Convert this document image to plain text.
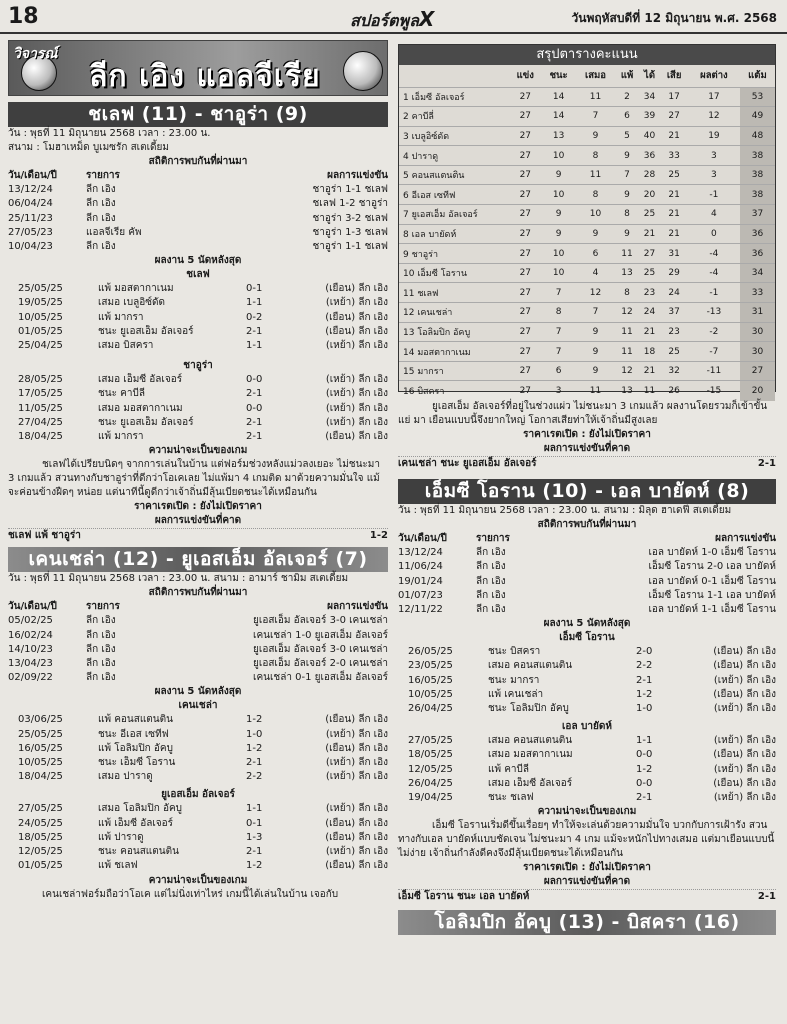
18	สปอร์ตพูลX	วันพฤหัสบดีที่ 12 มิถุนายน พ.ศ. 2568
วิจารณ์
ลีก เอิง แอลจีเรีย
ชเลฟ (11) - ชาอูร่า (9)
วัน : พุธที่ 11 มิถุนายน 2568 เวลา : 23.00 น.
สนาม : โมฮาเหม็ด บูเมซรัก สเตเดี้ยม
สถิติการพบกันที่ผ่านมา
วัน/เดือน/ปี	รายการ	ผลการแข่งขัน
13/12/24	ลีก เอิง	ชาอูร่า 1-1 ชเลฟ
06/04/24	ลีก เอิง	ชเลฟ 1-2 ชาอูร่า
25/11/23	ลีก เอิง	ชาอูร่า 3-2 ชเลฟ
27/05/23	แอลจีเรีย คัพ	ชาอูร่า 1-3 ชเลฟ
10/04/23	ลีก เอิง	ชาอูร่า 1-1 ชเลฟ
ผลงาน 5 นัดหลังสุด
ชเลฟ
25/05/25	แพ้ มอสตากาเนม	0-1	(เยือน) ลีก เอิง
19/05/25	เสมอ เบลูอิซ์ดัด	1-1	(เหย้า) ลีก เอิง
10/05/25	แพ้ มากรา	0-2	(เยือน) ลีก เอิง
01/05/25	ชนะ ยูเอสเอ็ม อัลเจอร์	2-1	(เยือน) ลีก เอิง
25/04/25	เสมอ บิสครา	1-1	(เหย้า) ลีก เอิง
ชาอูร่า
28/05/25	เสมอ เอ็มซี อัลเจอร์	0-0	(เหย้า) ลีก เอิง
17/05/25	ชนะ คาบีลี่	2-1	(เหย้า) ลีก เอิง
11/05/25	เสมอ มอสตากาเนม	0-0	(เหย้า) ลีก เอิง
27/04/25	ชนะ ยูเอสเอ็ม อัลเจอร์	2-1	(เหย้า) ลีก เอิง
18/04/25	แพ้ มากรา	2-1	(เยือน) ลีก เอิง
ความน่าจะเป็นของเกม
ชเลฟได้เปรียบนิดๆ จากการเล่นในบ้าน แต่ฟอร์มช่วงหลังแม่วลงเยอะ ไม่ชนะมา 3 เกมแล้ว สวนทางกับชาอูร่าที่ดีกว่าโอเคเลย ไม่แพ้มา 4 เกมติด มาด้วยความมั่นใจ แม้จะค่อนข้างฝืดๆ หน่อย แต่นาทีนี้ดูดีกว่าเจ้าถิ่นมีลุ้นเบียดชนะได้เหมือนกัน
ราคาเรตเปิด : ยังไม่เปิดราคา
ผลการแข่งขันที่คาด
ชเลฟ แพ้ ชาอูร่า	1-2
เคนเชล่า (12) - ยูเอสเอ็ม อัลเจอร์ (7)
วัน : พุธที่ 11 มิถุนายน 2568 เวลา : 23.00 น. สนาม : อามาร์ ชามิม สเตเดี้ยม
สถิติการพบกันที่ผ่านมา
วัน/เดือน/ปี	รายการ	ผลการแข่งขัน
05/02/25	ลีก เอิง	ยูเอสเอ็ม อัลเจอร์ 3-0 เคนเชล่า
16/02/24	ลีก เอิง	เคนเชล่า 1-0 ยูเอสเอ็ม อัลเจอร์
14/10/23	ลีก เอิง	ยูเอสเอ็ม อัลเจอร์ 3-0 เคนเชล่า
13/04/23	ลีก เอิง	ยูเอสเอ็ม อัลเจอร์ 2-0 เคนเชล่า
02/09/22	ลีก เอิง	เคนเชล่า 0-1 ยูเอสเอ็ม อัลเจอร์
ผลงาน 5 นัดหลังสุด
เคนเชล่า
03/06/25	แพ้ คอนสแตนติน	1-2	(เยือน) ลีก เอิง
25/05/25	ชนะ อีเอส เซทีฟ	1-0	(เหย้า) ลีก เอิง
16/05/25	แพ้ โอลิมปิก อัคบู	1-2	(เยือน) ลีก เอิง
10/05/25	ชนะ เอ็มซี โอราน	2-1	(เหย้า) ลีก เอิง
18/04/25	เสมอ ปาราดู	2-2	(เหย้า) ลีก เอิง
ยูเอสเอ็ม อัลเจอร์
27/05/25	เสมอ โอลิมปิก อัคบู	1-1	(เหย้า) ลีก เอิง
24/05/25	แพ้ เอ็มซี อัลเจอร์	0-1	(เยือน) ลีก เอิง
18/05/25	แพ้ ปาราดู	1-3	(เยือน) ลีก เอิง
12/05/25	ชนะ คอนสแตนติน	2-1	(เหย้า) ลีก เอิง
01/05/25	แพ้ ชเลฟ	1-2	(เยือน) ลีก เอิง
ความน่าจะเป็นของเกม
เคนเชล่าฟอร์มถือว่าโอเค แต่ไม่นิ่งเท่าไหร่ เกมนี้ได้เล่นในบ้าน เจอกับ
สรุปตารางคะแนน
	แข่ง	ชนะ	เสมอ	แพ้	ได้	เสีย	ผลต่าง	แต้ม
1 เอ็มซี อัลเจอร์	27	14	11	2	34	17	17	53
2 คาบีลี่	27	14	7	6	39	27	12	49
3 เบลูอิซ์ดัด	27	13	9	5	40	21	19	48
4 ปาราดู	27	10	8	9	36	33	3	38
5 คอนสแตนติน	27	9	11	7	28	25	3	38
6 อีเอส เซทีฟ	27	10	8	9	20	21	-1	38
7 ยูเอสเอ็ม อัลเจอร์	27	9	10	8	25	21	4	37
8 เอล บายัดห์	27	9	9	9	21	21	0	36
9 ชาอูร่า	27	10	6	11	27	31	-4	36
10 เอ็มซี โอราน	27	10	4	13	25	29	-4	34
11 ชเลฟ	27	7	12	8	23	24	-1	33
12 เคนเชล่า	27	8	7	12	24	37	-13	31
13 โอลิมปิก อัคบู	27	7	9	11	21	23	-2	30
14 มอสตากาเนม	27	7	9	11	18	25	-7	30
15 มากรา	27	6	9	12	21	32	-11	27
16 บิสครา	27	3	11	13	11	26	-15	20
ยูเอสเอ็ม อัลเจอร์ที่อยู่ในช่วงแผ่ว ไม่ชนะมา 3 เกมแล้ว ผลงานโดยรวมก็เข้าขั้นแย่ มา เยือนแบบนี้จึงยากใหญ่ โอกาสเสียท่าให้เจ้าถิ่นมีสูงเลย
ราคาเรตเปิด : ยังไม่เปิดราคา
ผลการแข่งขันที่คาด
เคนเชล่า ชนะ ยูเอสเอ็ม อัลเจอร์	2-1
เอ็มซี โอราน (10) - เอล บายัดห์ (8)
วัน : พุธที่ 11 มิถุนายน 2568 เวลา : 23.00 น. สนาม : มิลุด ฮาเดฟี สเตเดี้ยม
สถิติการพบกันที่ผ่านมา
วัน/เดือน/ปี	รายการ	ผลการแข่งขัน
13/12/24	ลีก เอิง	เอล บายัดห์ 1-0 เอ็มซี โอราน
11/06/24	ลีก เอิง	เอ็มซี โอราน 2-0 เอล บายัดห์
19/01/24	ลีก เอิง	เอล บายัดห์ 0-1 เอ็มซี โอราน
01/07/23	ลีก เอิง	เอ็มซี โอราน 1-1 เอล บายัดห์
12/11/22	ลีก เอิง	เอล บายัดห์ 1-1 เอ็มซี โอราน
ผลงาน 5 นัดหลังสุด
เอ็มซี โอราน
26/05/25	ชนะ บิสครา	2-0	(เยือน) ลีก เอิง
23/05/25	เสมอ คอนสแตนติน	2-2	(เยือน) ลีก เอิง
16/05/25	ชนะ มากรา	2-1	(เหย้า) ลีก เอิง
10/05/25	แพ้ เคนเชล่า	1-2	(เยือน) ลีก เอิง
26/04/25	ชนะ โอลิมปิก อัคบู	1-0	(เหย้า) ลีก เอิง
เอล บายัดห์
27/05/25	เสมอ คอนสแตนติน	1-1	(เหย้า) ลีก เอิง
18/05/25	เสมอ มอสตากาเนม	0-0	(เยือน) ลีก เอิง
12/05/25	แพ้ คาบีลี่	1-2	(เหย้า) ลีก เอิง
26/04/25	เสมอ เอ็มซี อัลเจอร์	0-0	(เยือน) ลีก เอิง
19/04/25	ชนะ ชเลฟ	2-1	(เหย้า) ลีก เอิง
ความน่าจะเป็นของเกม
เอ็มซี โอรานเริ่มดีขึ้นเรื่อยๆ ทำให้จะเล่นด้วยความมั่นใจ บวกกับการเฝ้ารัง สวนทางกับเอล บายัดห์แบบชัดเจน ไม่ชนะมา 4 เกม แม้จะหนักไปทางเสมอ แต่มาเยือนแบบนี้ไม่ง่าย เจ้าถิ่นกำลังดีคงจึงมีลุ้นเบียดชนะได้เหมือนกัน
ราคาเรตเปิด : ยังไม่เปิดราคา
ผลการแข่งขันที่คาด
เอ็มซี โอราน ชนะ เอล บายัดห์	2-1
โอลิมปิก อัคบู (13) - บิสครา (16)
